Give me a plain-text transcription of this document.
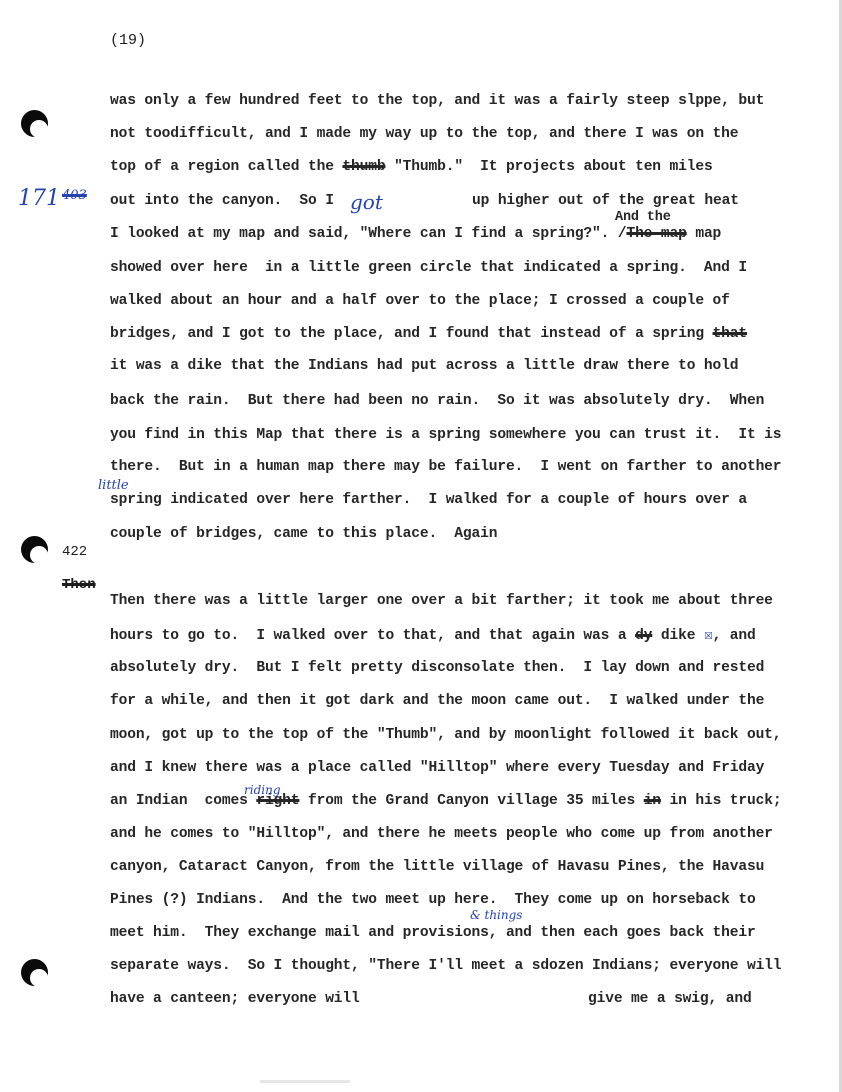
(19)
171 403
422
Then
got
little
riding
& things
And the
was only a few hundred feet to the top, and it was a fairly steep slppe, but
not toodifficult, and I made my way up to the top, and there I was on the
top of a region called the thumb "Thumb."  It projects about ten miles
out into the canyon.  So I	up higher out of the great heat
I looked at my map and said, "Where can I find a spring?". /The map map
showed over here  in a little green circle that indicated a spring.  And I
walked about an hour and a half over to the place; I crossed a couple of
bridges, and I got to the place, and I found that instead of a spring that
it was a dike that the Indians had put across a little draw there to hold
back the rain.  But there had been no rain.  So it was absolutely dry.  When
you find in this Map that there is a spring somewhere you can trust it.  It is
there.  But in a human map there may be failure.  I went on farther to another
spring indicated over here farther.  I walked for a couple of hours over a
couple of bridges, came to this place.  Again
Then there was a little larger one over a bit farther; it took me about three
hours to go to.  I walked over to that, and that again was a dy dike ☒, and
absolutely dry.  But I felt pretty disconsolate then.  I lay down and rested
for a while, and then it got dark and the moon came out.  I walked under the
moon, got up to the top of the "Thumb", and by moonlight followed it back out,
and I knew there was a place called "Hilltop" where every Tuesday and Friday
an Indian  comes right from the Grand Canyon village 35 miles in in his truck;
and he comes to "Hilltop", and there he meets people who come up from another
canyon, Cataract Canyon, from the little village of Havasu Pines, the Havasu
Pines (?) Indians.  And the two meet up here.  They come up on horseback to
meet him.  They exchange mail and provisions, and then each goes back their
separate ways.  So I thought, "There I'll meet a sdozen Indians; everyone will
have a canteen; everyone will	give me a swig, and
